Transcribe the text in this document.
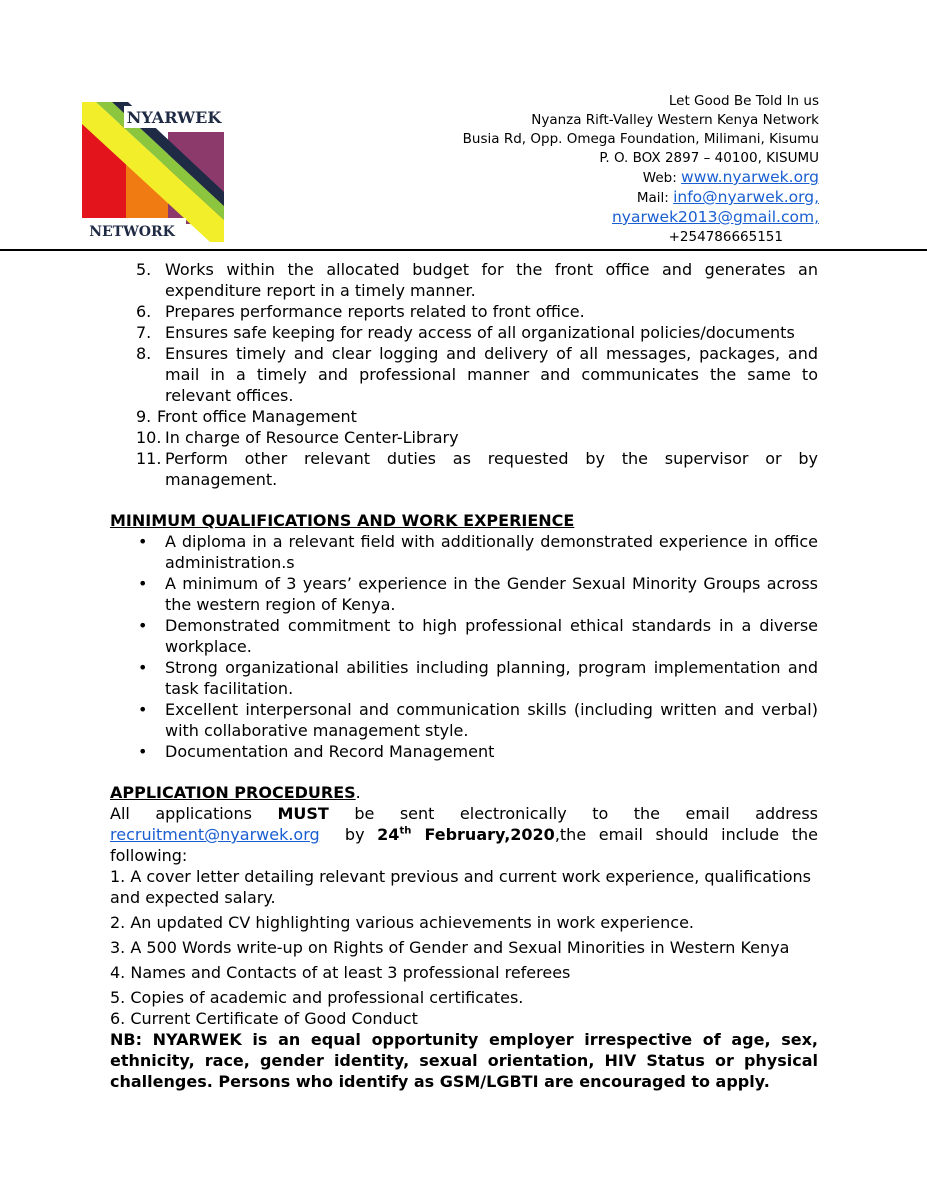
NYARWEK
NETWORK
Let Good Be Told In us
Nyanza Rift-Valley Western Kenya Network
Busia Rd, Opp. Omega Foundation, Milimani, Kisumu
P. O. BOX 2897 – 40100, KISUMU
Web: www.nyarwek.org
Mail: info@nyarwek.org,
nyarwek2013@gmail.com,
+254786665151
5. Works within the allocated budget for the front office and generates an expenditure report in a timely manner.
6. Prepares performance reports related to front office.
7. Ensures safe keeping for ready access of all organizational policies/documents
8. Ensures timely and clear logging and delivery of all messages, packages, and mail in a timely and professional manner and communicates the same to relevant offices.
9. Front office Management
10. In charge of Resource Center-Library
11. Perform other relevant duties as requested by the supervisor or by management.

MINIMUM QUALIFICATIONS AND WORK EXPERIENCE

• A diploma in a relevant field with additionally demonstrated experience in office administration.s
• A minimum of 3 years’ experience in the Gender Sexual Minority Groups across the western region of Kenya.
• Demonstrated commitment to high professional ethical standards in a diverse workplace.
• Strong organizational abilities including planning, program implementation and task facilitation.
• Excellent interpersonal and communication skills (including written and verbal) with collaborative management style.
• Documentation and Record Management

APPLICATION PROCEDURES.

All applications MUST be sent electronically to the email address

recruitment@nyarwek.org by 24th February,2020,the email should include the following:

1. A cover letter detailing relevant previous and current work experience, qualifications and expected salary.

2. An updated CV highlighting various achievements in work experience.

3. A 500 Words write-up on Rights of Gender and Sexual Minorities in Western Kenya

4. Names and Contacts of at least 3 professional referees

5. Copies of academic and professional certificates.

6. Current Certificate of Good Conduct

NB: NYARWEK is an equal opportunity employer irrespective of age, sex, ethnicity, race, gender identity, sexual orientation, HIV Status or physical challenges. Persons who identify as GSM/LGBTI are encouraged to apply.
